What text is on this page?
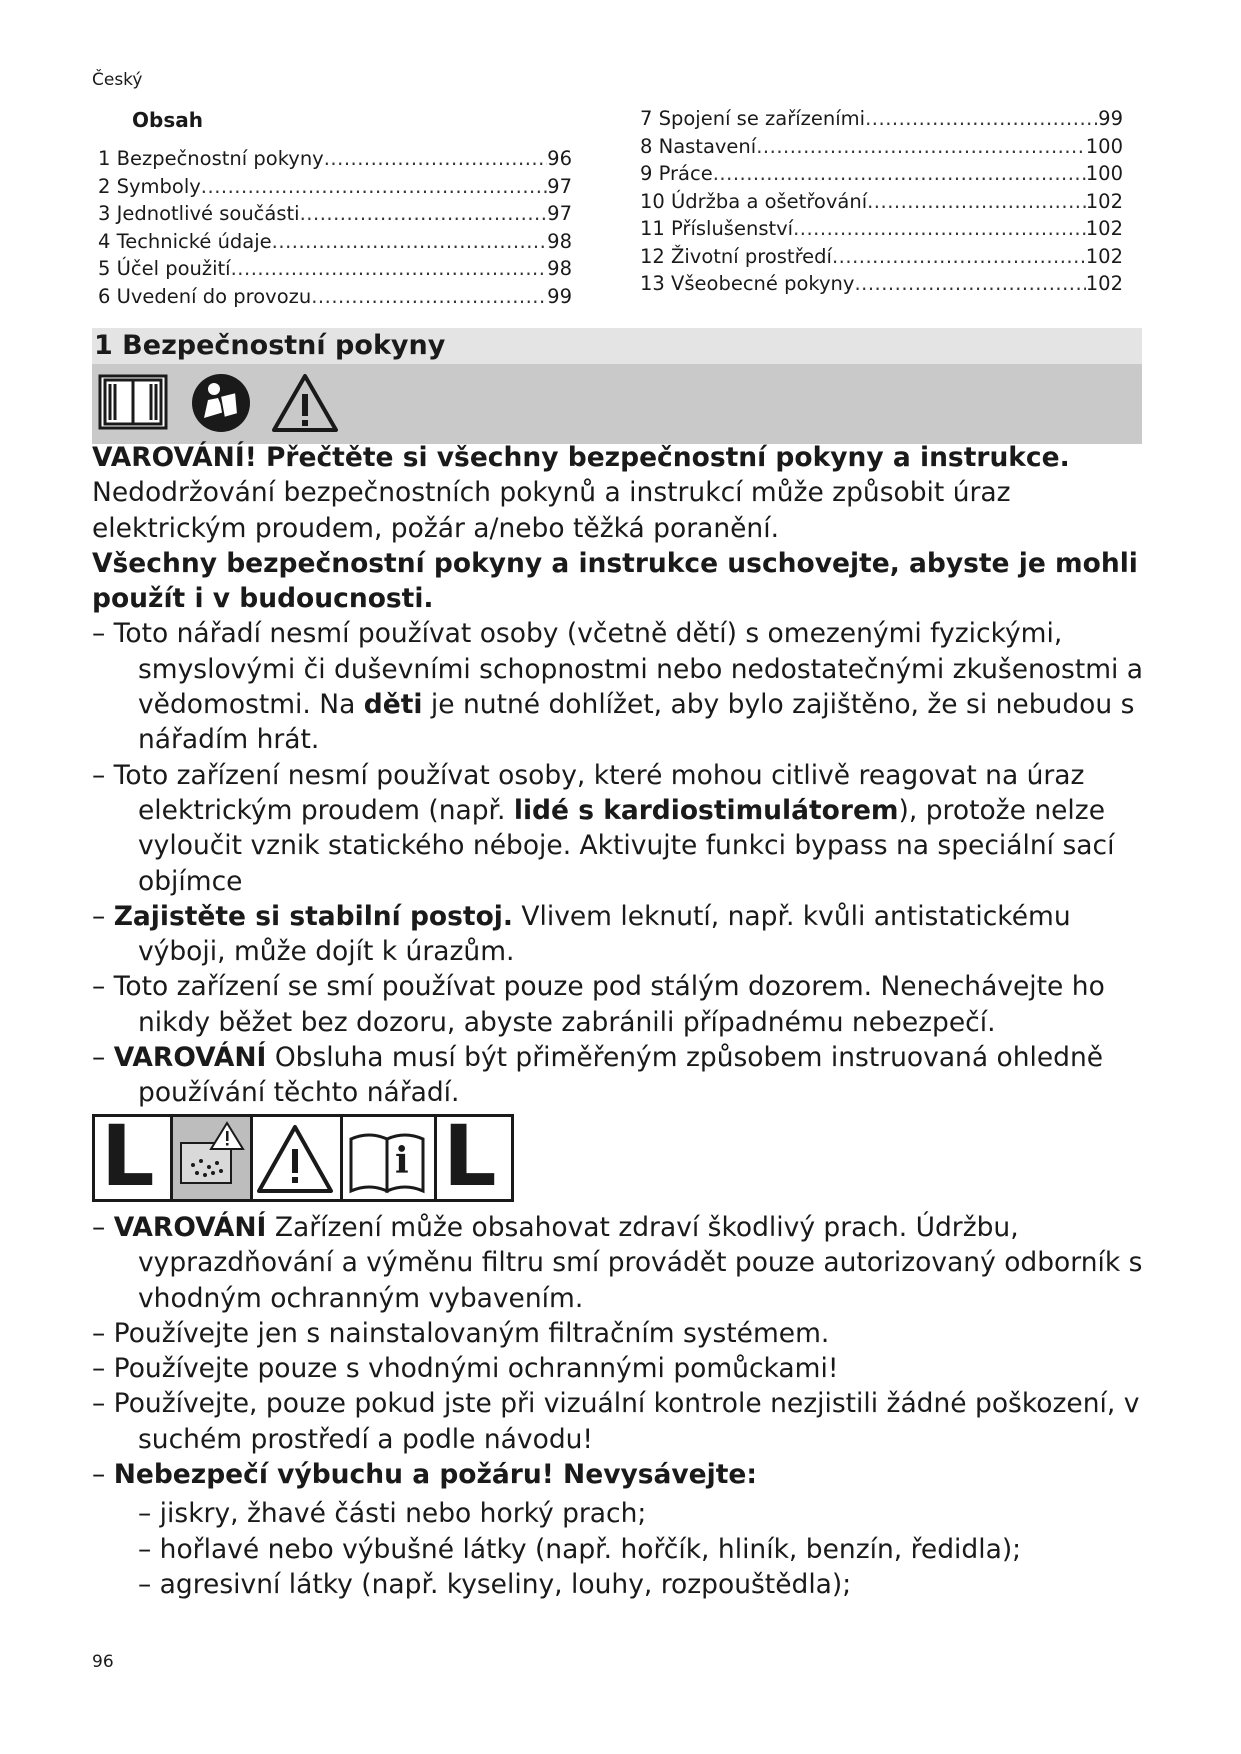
Český
Obsah
1 Bezpečnostní pokyny .....	96
2 Symboly .....	97
3 Jednotlivé součásti .....	97
4 Technické údaje .....	98
5 Účel použití .....	98
6 Uvedení do provozu .....	99
7 Spojení se zařízeními .....	99
8 Nastavení .....	100
9 Práce .....	100
10 Údržba a ošetřování .....	102
11 Příslušenství .....	102
12 Životní prostředí .....	102
13 Všeobecné pokyny .....	102
1 Bezpečnostní pokyny

VAROVÁNÍ! Přečtěte si všechny bezpečnostní pokyny a instrukce. Nedodržování bezpečnostních pokynů a instrukcí může způsobit úraz elektrickým proudem, požár a/nebo těžká poranění.

Všechny bezpečnostní pokyny a instrukce uschovejte, abyste je mohli použít i v budoucnosti.

– Toto nářadí nesmí používat osoby (včetně dětí) s omezenými fyzickými, smyslovými či duševními schopnostmi nebo nedostatečnými zkušenostmi a vědomostmi. Na děti je nutné dohlížet, aby bylo zajištěno, že si nebudou s nářadím hrát.

– Toto zařízení nesmí používat osoby, které mohou citlivě reagovat na úraz elektrickým proudem (např. lidé s kardiostimulátorem), protože nelze vyloučit vznik statického néboje. Aktivujte funkci bypass na speciální sací objímce

– Zajistěte si stabilní postoj. Vlivem leknutí, např. kvůli antistatickému výboji, může dojít k úrazům.

– Toto zařízení se smí používat pouze pod stálým dozorem. Nenechávejte ho nikdy běžet bez dozoru, abyste zabránili případnému nebezpečí.

– VAROVÁNÍ Obsluha musí být přiměřeným způsobem instruovaná ohledně používání těchto nářadí.

L	i L

– VAROVÁNÍ Zařízení může obsahovat zdraví škodlivý prach. Údržbu, vyprazdňování a výměnu filtru smí provádět pouze autorizovaný odborník s vhodným ochranným vybavením.

– Používejte jen s nainstalovaným filtračním systémem.

– Používejte pouze s vhodnými ochrannými pomůckami!

– Používejte, pouze pokud jste při vizuální kontrole nezjistili žádné poškození, v suchém prostředí a podle návodu!

– Nebezpečí výbuchu a požáru! Nevysávejte:

– jiskry, žhavé části nebo horký prach;

– hořlavé nebo výbušné látky (např. hořčík, hliník, benzín, ředidla);

– agresivní látky (např. kyseliny, louhy, rozpouštědla);

96
